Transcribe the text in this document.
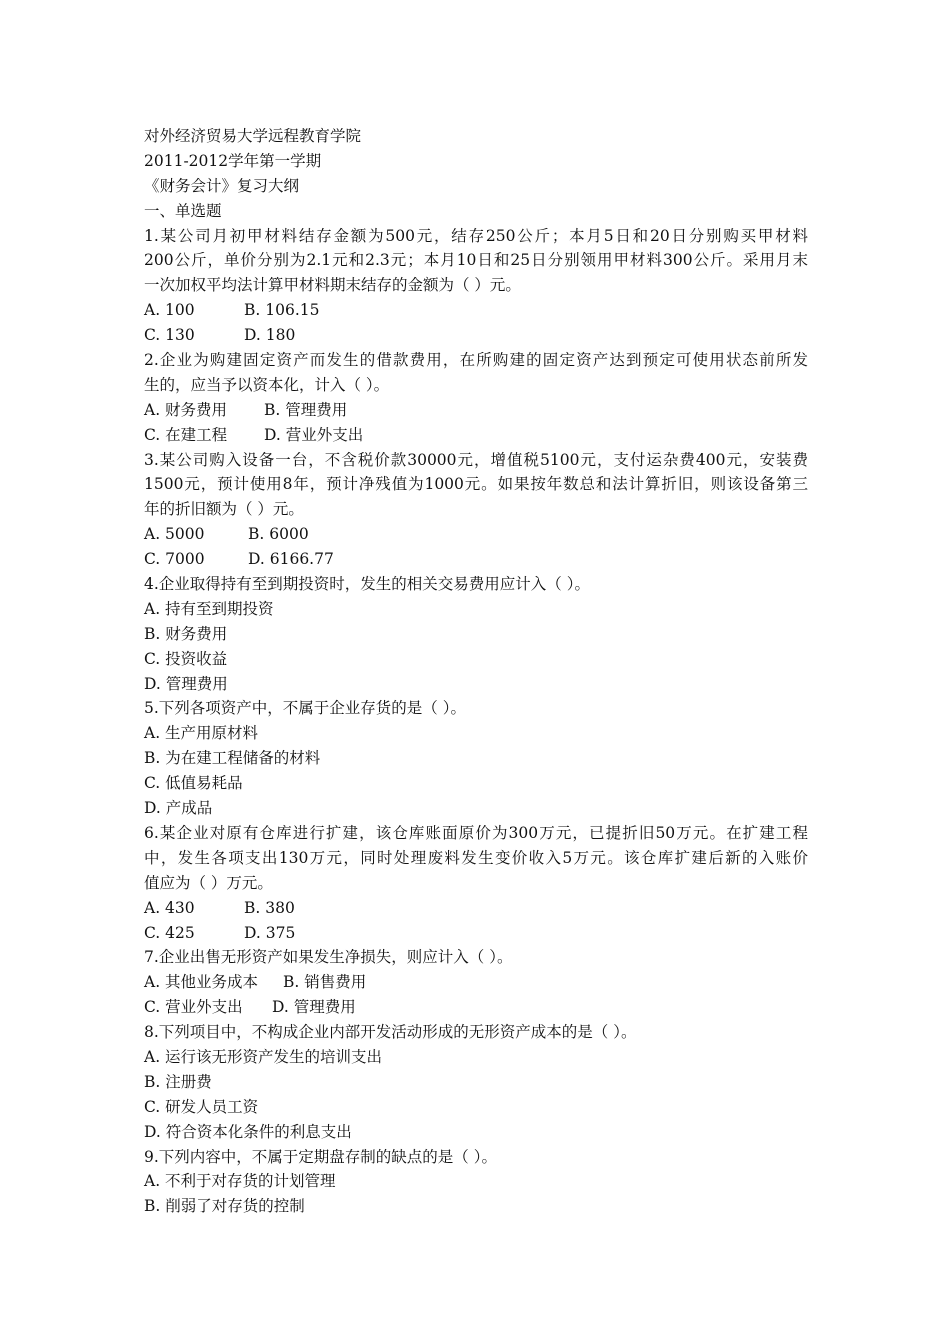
对外经济贸易大学远程教育学院
2011-2012学年第一学期
《财务会计》复习大纲
一、单选题
1.某公司月初甲材料结存金额为500元，结存250公斤；本月5日和20日分别购买甲材料
200公斤，单价分别为2.1元和2.3元；本月10日和25日分别领用甲材料300公斤。采用月末
一次加权平均法计算甲材料期末结存的金额为（ ）元。
A. 100	B. 106.15
C. 130	D. 180
2.企业为购建固定资产而发生的借款费用，在所购建的固定资产达到预定可使用状态前所发
生的，应当予以资本化，计入（ ）。
A. 财务费用	B. 管理费用
C. 在建工程	D. 营业外支出
3.某公司购入设备一台，不含税价款30000元，增值税5100元，支付运杂费400元，安装费
1500元，预计使用8年，预计净残值为1000元。如果按年数总和法计算折旧，则该设备第三
年的折旧额为（ ）元。
A. 5000	B. 6000
C. 7000	D. 6166.77
4.企业取得持有至到期投资时，发生的相关交易费用应计入（ ）。
A. 持有至到期投资
B. 财务费用
C. 投资收益
D. 管理费用
5.下列各项资产中，不属于企业存货的是（ ）。
A. 生产用原材料
B. 为在建工程储备的材料
C. 低值易耗品
D. 产成品
6.某企业对原有仓库进行扩建，该仓库账面原价为300万元，已提折旧50万元。在扩建工程
中，发生各项支出130万元，同时处理废料发生变价收入5万元。该仓库扩建后新的入账价
值应为（ ）万元。
A. 430	B. 380
C. 425	D. 375
7.企业出售无形资产如果发生净损失，则应计入（ ）。
A. 其他业务成本	B. 销售费用
C. 营业外支出	D. 管理费用
8.下列项目中，不构成企业内部开发活动形成的无形资产成本的是（ ）。
A. 运行该无形资产发生的培训支出
B. 注册费
C. 研发人员工资
D. 符合资本化条件的利息支出
9.下列内容中，不属于定期盘存制的缺点的是（ ）。
A. 不利于对存货的计划管理
B. 削弱了对存货的控制
